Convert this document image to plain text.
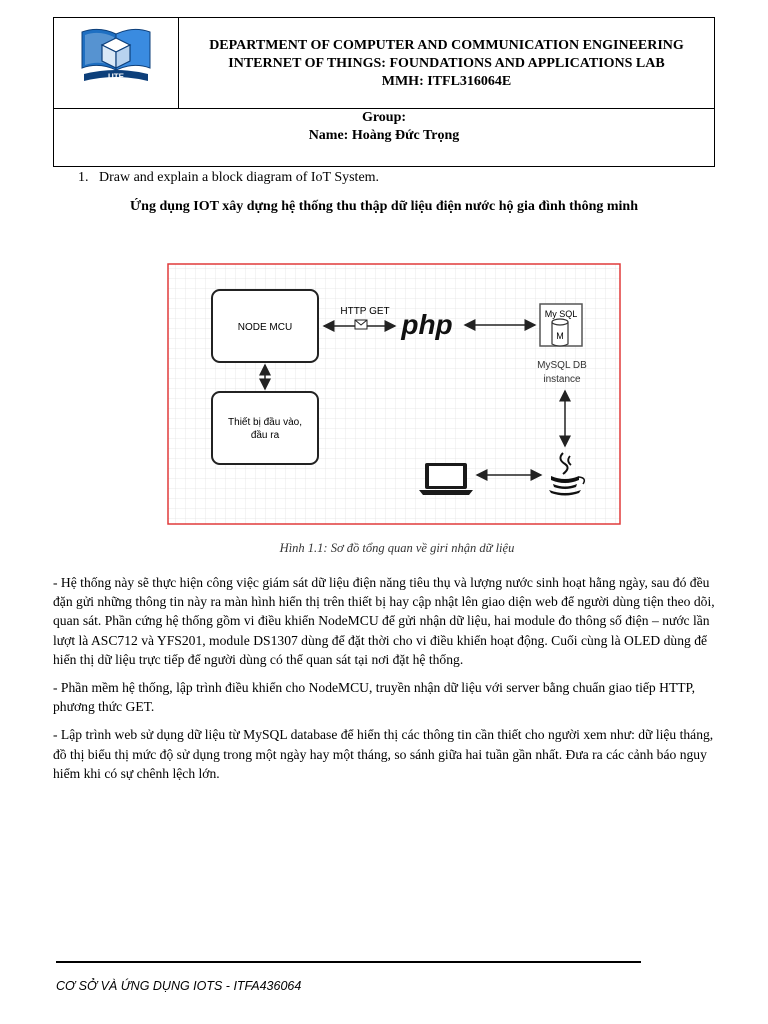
UTE
DEPARTMENT OF COMPUTER AND COMMUNICATION ENGINEERING
INTERNET OF THINGS: FOUNDATIONS AND APPLICATIONS LAB
MMH: ITFL316064E
Group:
Name: Hoàng Đức Trọng
1. Draw and explain a block diagram of IoT System.
Ứng dụng IOT xây dựng hệ thống thu thập dữ liệu điện nước hộ gia đình thông minh
NODE MCU
Thiết bị đầu vào,
đầu ra
HTTP GET php	My SQL
M
MySQL DB
instance
Hình 1.1: Sơ đồ tổng quan về giri nhận dữ liệu

- Hệ thống này sẽ thực hiện công việc giám sát dữ liệu điện năng tiêu thụ và lượng nước sinh hoạt hằng ngày, sau đó đều đặn gửi những thông tin này ra màn hình hiển thị trên thiết bị hay cập nhật lên giao diện web để người dùng tiện theo dõi, quan sát. Phần cứng hệ thống gồm vi điều khiển NodeMCU để gửi nhận dữ liệu, hai module đo thông số điện – nước lần lượt là ASC712 và YFS201, module DS1307 dùng để đặt thời cho vi điều khiển hoạt động. Cuối cùng là OLED dùng để hiển thị dữ liệu trực tiếp để người dùng có thể quan sát tại nơi đặt hệ thống.

- Phần mềm hệ thống, lập trình điều khiển cho NodeMCU, truyền nhận dữ liệu với server bằng chuẩn giao tiếp HTTP, phương thức GET.

- Lập trình web sử dụng dữ liệu từ MySQL database để hiển thị các thông tin cần thiết cho người xem như: dữ liệu tháng, đồ thị biểu thị mức độ sử dụng trong một ngày hay một tháng, so sánh giữa hai tuần gần nhất. Đưa ra các cảnh báo nguy hiểm khi có sự chênh lệch lớn.

CƠ SỞ VÀ ỨNG DỤNG IOTS - ITFA436064
